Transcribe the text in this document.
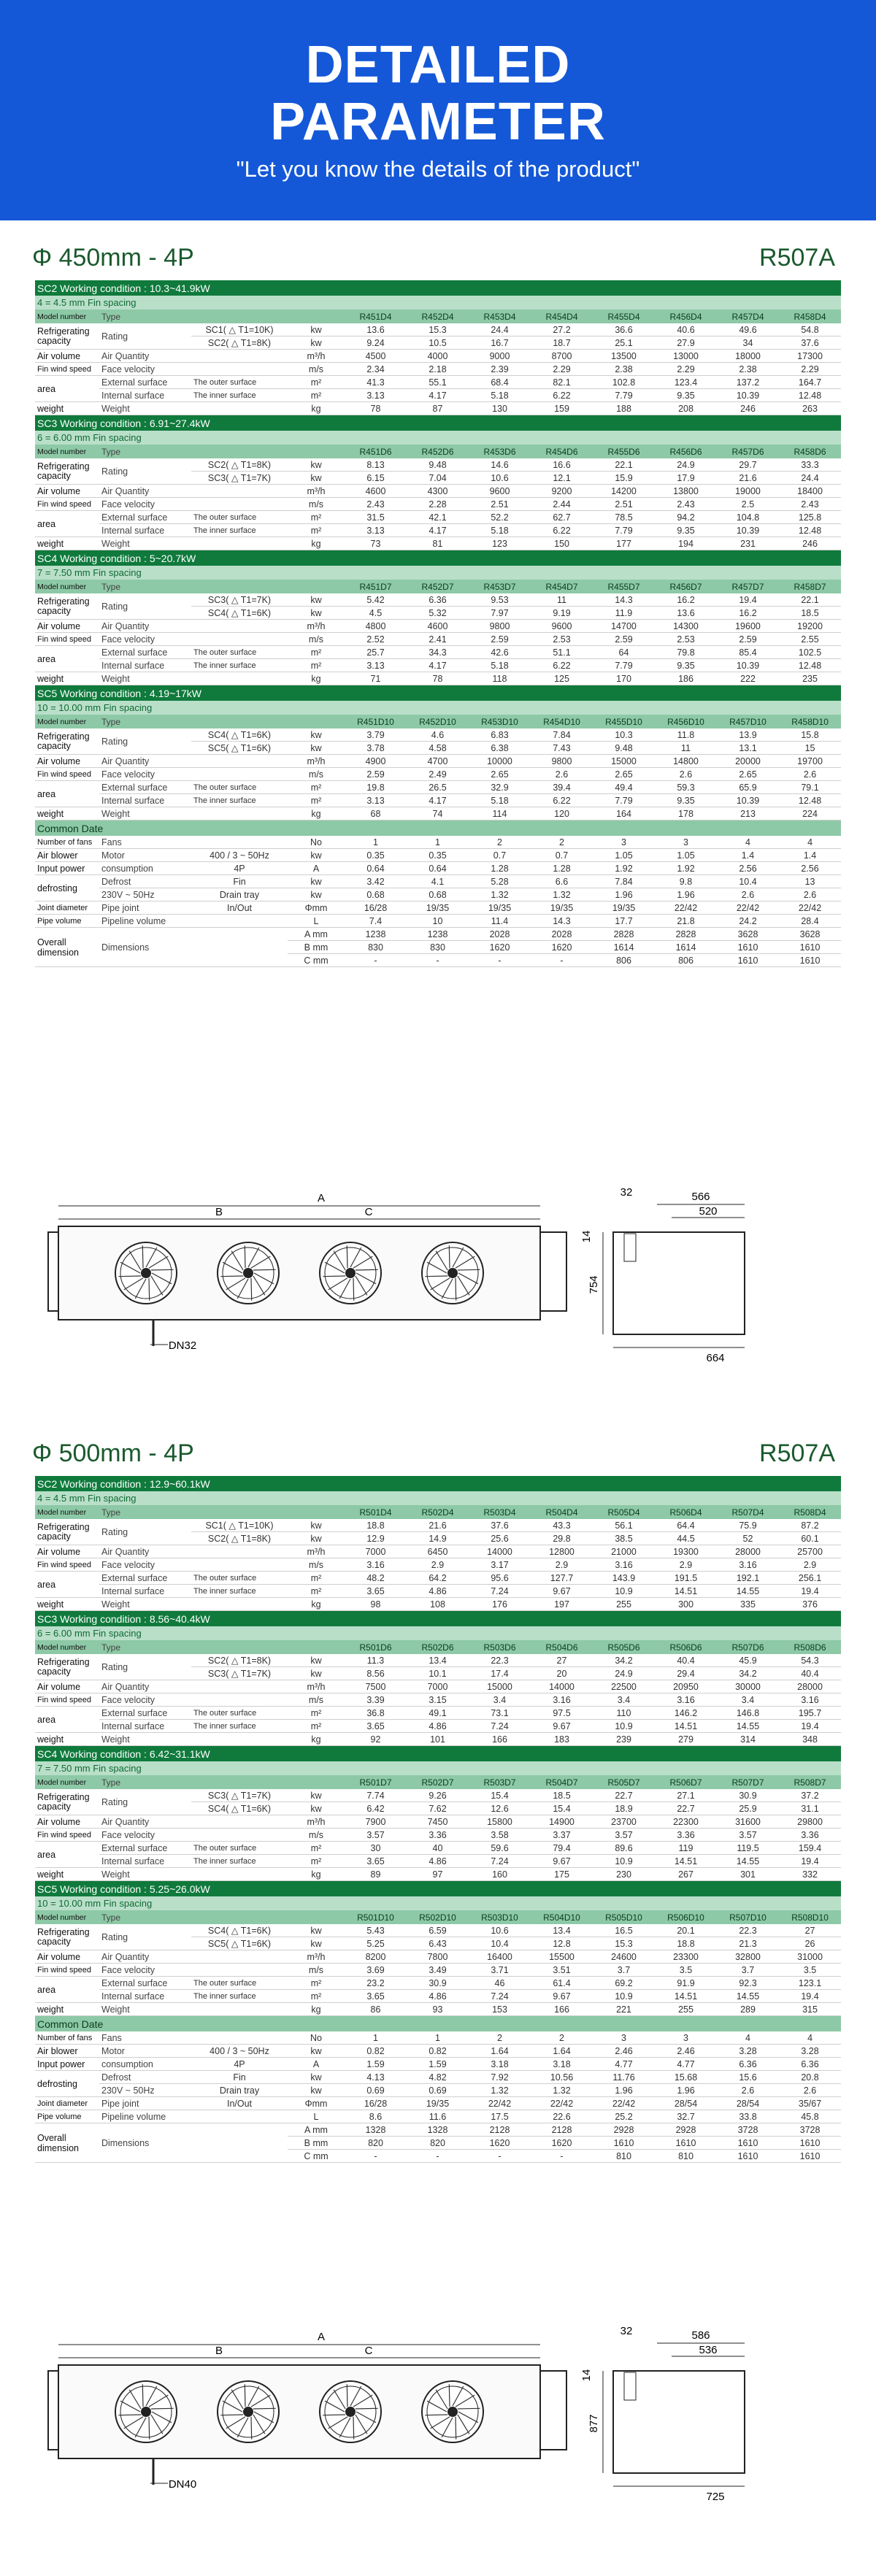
DETAILED
PARAMETER
"Let you know the details of the product"
Φ 450mm - 4P	R507A
SC2 Working condition : 10.3~41.9kW											
4 = 4.5 mm Fin spacing											
Model number	Type			R451D4	R452D4	R453D4	R454D4	R455D4	R456D4	R457D4	R458D4
Refrigerating
capacity	Rating	SC1( △ T1=10K)	kw	13.6	15.3	24.4	27.2	36.6	40.6	49.6	54.8
		SC2( △ T1=8K)	kw	9.24	10.5	16.7	18.7	25.1	27.9	34	37.6
Air volume	Air Quantity		m³/h	4500	4000	9000	8700	13500	13000	18000	17300
Fin wind speed	Face velocity		m/s	2.34	2.18	2.39	2.29	2.38	2.29	2.38	2.29
area	External surface	The outer surface	m²	41.3	55.1	68.4	82.1	102.8	123.4	137.2	164.7
	Internal surface	The inner surface	m²	3.13	4.17	5.18	6.22	7.79	9.35	10.39	12.48
weight	Weight		kg	78	87	130	159	188	208	246	263
SC3 Working condition : 6.91~27.4kW											
6 = 6.00 mm Fin spacing											
Model number	Type			R451D6	R452D6	R453D6	R454D6	R455D6	R456D6	R457D6	R458D6
Refrigerating
capacity	Rating	SC2( △ T1=8K)	kw	8.13	9.48	14.6	16.6	22.1	24.9	29.7	33.3
		SC3( △ T1=7K)	kw	6.15	7.04	10.6	12.1	15.9	17.9	21.6	24.4
Air volume	Air Quantity		m³/h	4600	4300	9600	9200	14200	13800	19000	18400
Fin wind speed	Face velocity		m/s	2.43	2.28	2.51	2.44	2.51	2.43	2.5	2.43
area	External surface	The outer surface	m²	31.5	42.1	52.2	62.7	78.5	94.2	104.8	125.8
	Internal surface	The inner surface	m²	3.13	4.17	5.18	6.22	7.79	9.35	10.39	12.48
weight	Weight		kg	73	81	123	150	177	194	231	246
SC4 Working condition : 5~20.7kW											
7 = 7.50 mm Fin spacing											
Model number	Type			R451D7	R452D7	R453D7	R454D7	R455D7	R456D7	R457D7	R458D7
Refrigerating
capacity	Rating	SC3( △ T1=7K)	kw	5.42	6.36	9.53	11	14.3	16.2	19.4	22.1
		SC4( △ T1=6K)	kw	4.5	5.32	7.97	9.19	11.9	13.6	16.2	18.5
Air volume	Air Quantity		m³/h	4800	4600	9800	9600	14700	14300	19600	19200
Fin wind speed	Face velocity		m/s	2.52	2.41	2.59	2.53	2.59	2.53	2.59	2.55
area	External surface	The outer surface	m²	25.7	34.3	42.6	51.1	64	79.8	85.4	102.5
	Internal surface	The inner surface	m²	3.13	4.17	5.18	6.22	7.79	9.35	10.39	12.48
weight	Weight		kg	71	78	118	125	170	186	222	235
SC5 Working condition : 4.19~17kW											
10 = 10.00 mm Fin spacing											
Model number	Type			R451D10	R452D10	R453D10	R454D10	R455D10	R456D10	R457D10	R458D10
Refrigerating
capacity	Rating	SC4( △ T1=6K)	kw	3.79	4.6	6.83	7.84	10.3	11.8	13.9	15.8
		SC5( △ T1=6K)	kw	3.78	4.58	6.38	7.43	9.48	11	13.1	15
Air volume	Air Quantity		m³/h	4900	4700	10000	9800	15000	14800	20000	19700
Fin wind speed	Face velocity		m/s	2.59	2.49	2.65	2.6	2.65	2.6	2.65	2.6
area	External surface	The outer surface	m²	19.8	26.5	32.9	39.4	49.4	59.3	65.9	79.1
	Internal surface	The inner surface	m²	3.13	4.17	5.18	6.22	7.79	9.35	10.39	12.48
weight	Weight		kg	68	74	114	120	164	178	213	224
Common Date											
Number of fans	Fans		No	1	1	2	2	3	3	4	4
Air blower	Motor	400 / 3 ~ 50Hz	kw	0.35	0.35	0.7	0.7	1.05	1.05	1.4	1.4
Input power	consumption	4P	A	0.64	0.64	1.28	1.28	1.92	1.92	2.56	2.56
defrosting	Defrost	Fin	kw	3.42	4.1	5.28	6.6	7.84	9.8	10.4	13
	230V ~ 50Hz	Drain tray	kw	0.68	0.68	1.32	1.32	1.96	1.96	2.6	2.6
Joint diameter	Pipe joint	In/Out	Φmm	16/28	19/35	19/35	19/35	19/35	22/42	22/42	22/42
Pipe volume	Pipeline volume		L	7.4	10	11.4	14.3	17.7	21.8	24.2	28.4
Overall
dimension	Dimensions		A mm	1238	1238	2028	2028	2828	2828	3628	3628
			B mm	830	830	1620	1620	1614	1614	1610	1610
			C mm	-	-	-	-	806	806	1610	1610
B
A
C
DN32
664
566
520
32
754
14
Φ 500mm - 4P	R507A
SC2 Working condition : 12.9~60.1kW											
4 = 4.5 mm Fin spacing											
Model number	Type			R501D4	R502D4	R503D4	R504D4	R505D4	R506D4	R507D4	R508D4
Refrigerating
capacity	Rating	SC1( △ T1=10K)	kw	18.8	21.6	37.6	43.3	56.1	64.4	75.9	87.2
		SC2( △ T1=8K)	kw	12.9	14.9	25.6	29.8	38.5	44.5	52	60.1
Air volume	Air Quantity		m³/h	7000	6450	14000	12800	21000	19300	28000	25700
Fin wind speed	Face velocity		m/s	3.16	2.9	3.17	2.9	3.16	2.9	3.16	2.9
area	External surface	The outer surface	m²	48.2	64.2	95.6	127.7	143.9	191.5	192.1	256.1
	Internal surface	The inner surface	m²	3.65	4.86	7.24	9.67	10.9	14.51	14.55	19.4
weight	Weight		kg	98	108	176	197	255	300	335	376
SC3 Working condition : 8.56~40.4kW											
6 = 6.00 mm Fin spacing											
Model number	Type			R501D6	R502D6	R503D6	R504D6	R505D6	R506D6	R507D6	R508D6
Refrigerating
capacity	Rating	SC2( △ T1=8K)	kw	11.3	13.4	22.3	27	34.2	40.4	45.9	54.3
		SC3( △ T1=7K)	kw	8.56	10.1	17.4	20	24.9	29.4	34.2	40.4
Air volume	Air Quantity		m³/h	7500	7000	15000	14000	22500	20950	30000	28000
Fin wind speed	Face velocity		m/s	3.39	3.15	3.4	3.16	3.4	3.16	3.4	3.16
area	External surface	The outer surface	m²	36.8	49.1	73.1	97.5	110	146.2	146.8	195.7
	Internal surface	The inner surface	m²	3.65	4.86	7.24	9.67	10.9	14.51	14.55	19.4
weight	Weight		kg	92	101	166	183	239	279	314	348
SC4 Working condition : 6.42~31.1kW											
7 = 7.50 mm Fin spacing											
Model number	Type			R501D7	R502D7	R503D7	R504D7	R505D7	R506D7	R507D7	R508D7
Refrigerating
capacity	Rating	SC3( △ T1=7K)	kw	7.74	9.26	15.4	18.5	22.7	27.1	30.9	37.2
		SC4( △ T1=6K)	kw	6.42	7.62	12.6	15.4	18.9	22.7	25.9	31.1
Air volume	Air Quantity		m³/h	7900	7450	15800	14900	23700	22300	31600	29800
Fin wind speed	Face velocity		m/s	3.57	3.36	3.58	3.37	3.57	3.36	3.57	3.36
area	External surface	The outer surface	m²	30	40	59.6	79.4	89.6	119	119.5	159.4
	Internal surface	The inner surface	m²	3.65	4.86	7.24	9.67	10.9	14.51	14.55	19.4
weight	Weight		kg	89	97	160	175	230	267	301	332
SC5 Working condition : 5.25~26.0kW											
10 = 10.00 mm Fin spacing											
Model number	Type			R501D10	R502D10	R503D10	R504D10	R505D10	R506D10	R507D10	R508D10
Refrigerating
capacity	Rating	SC4( △ T1=6K)	kw	5.43	6.59	10.6	13.4	16.5	20.1	22.3	27
		SC5( △ T1=6K)	kw	5.25	6.43	10.4	12.8	15.3	18.8	21.3	26
Air volume	Air Quantity		m³/h	8200	7800	16400	15500	24600	23300	32800	31000
Fin wind speed	Face velocity		m/s	3.69	3.49	3.71	3.51	3.7	3.5	3.7	3.5
area	External surface	The outer surface	m²	23.2	30.9	46	61.4	69.2	91.9	92.3	123.1
	Internal surface	The inner surface	m²	3.65	4.86	7.24	9.67	10.9	14.51	14.55	19.4
weight	Weight		kg	86	93	153	166	221	255	289	315
Common Date											
Number of fans	Fans		No	1	1	2	2	3	3	4	4
Air blower	Motor	400 / 3 ~ 50Hz	kw	0.82	0.82	1.64	1.64	2.46	2.46	3.28	3.28
Input power	consumption	4P	A	1.59	1.59	3.18	3.18	4.77	4.77	6.36	6.36
defrosting	Defrost	Fin	kw	4.13	4.82	7.92	10.56	11.76	15.68	15.6	20.8
	230V ~ 50Hz	Drain tray	kw	0.69	0.69	1.32	1.32	1.96	1.96	2.6	2.6
Joint diameter	Pipe joint	In/Out	Φmm	16/28	19/35	22/42	22/42	22/42	28/54	28/54	35/67
Pipe volume	Pipeline volume		L	8.6	11.6	17.5	22.6	25.2	32.7	33.8	45.8
Overall
dimension	Dimensions		A mm	1328	1328	2128	2128	2928	2928	3728	3728
			B mm	820	820	1620	1620	1610	1610	1610	1610
			C mm	-	-	-	-	810	810	1610	1610
B
A
C
DN40
725
586
536
32
877
14
